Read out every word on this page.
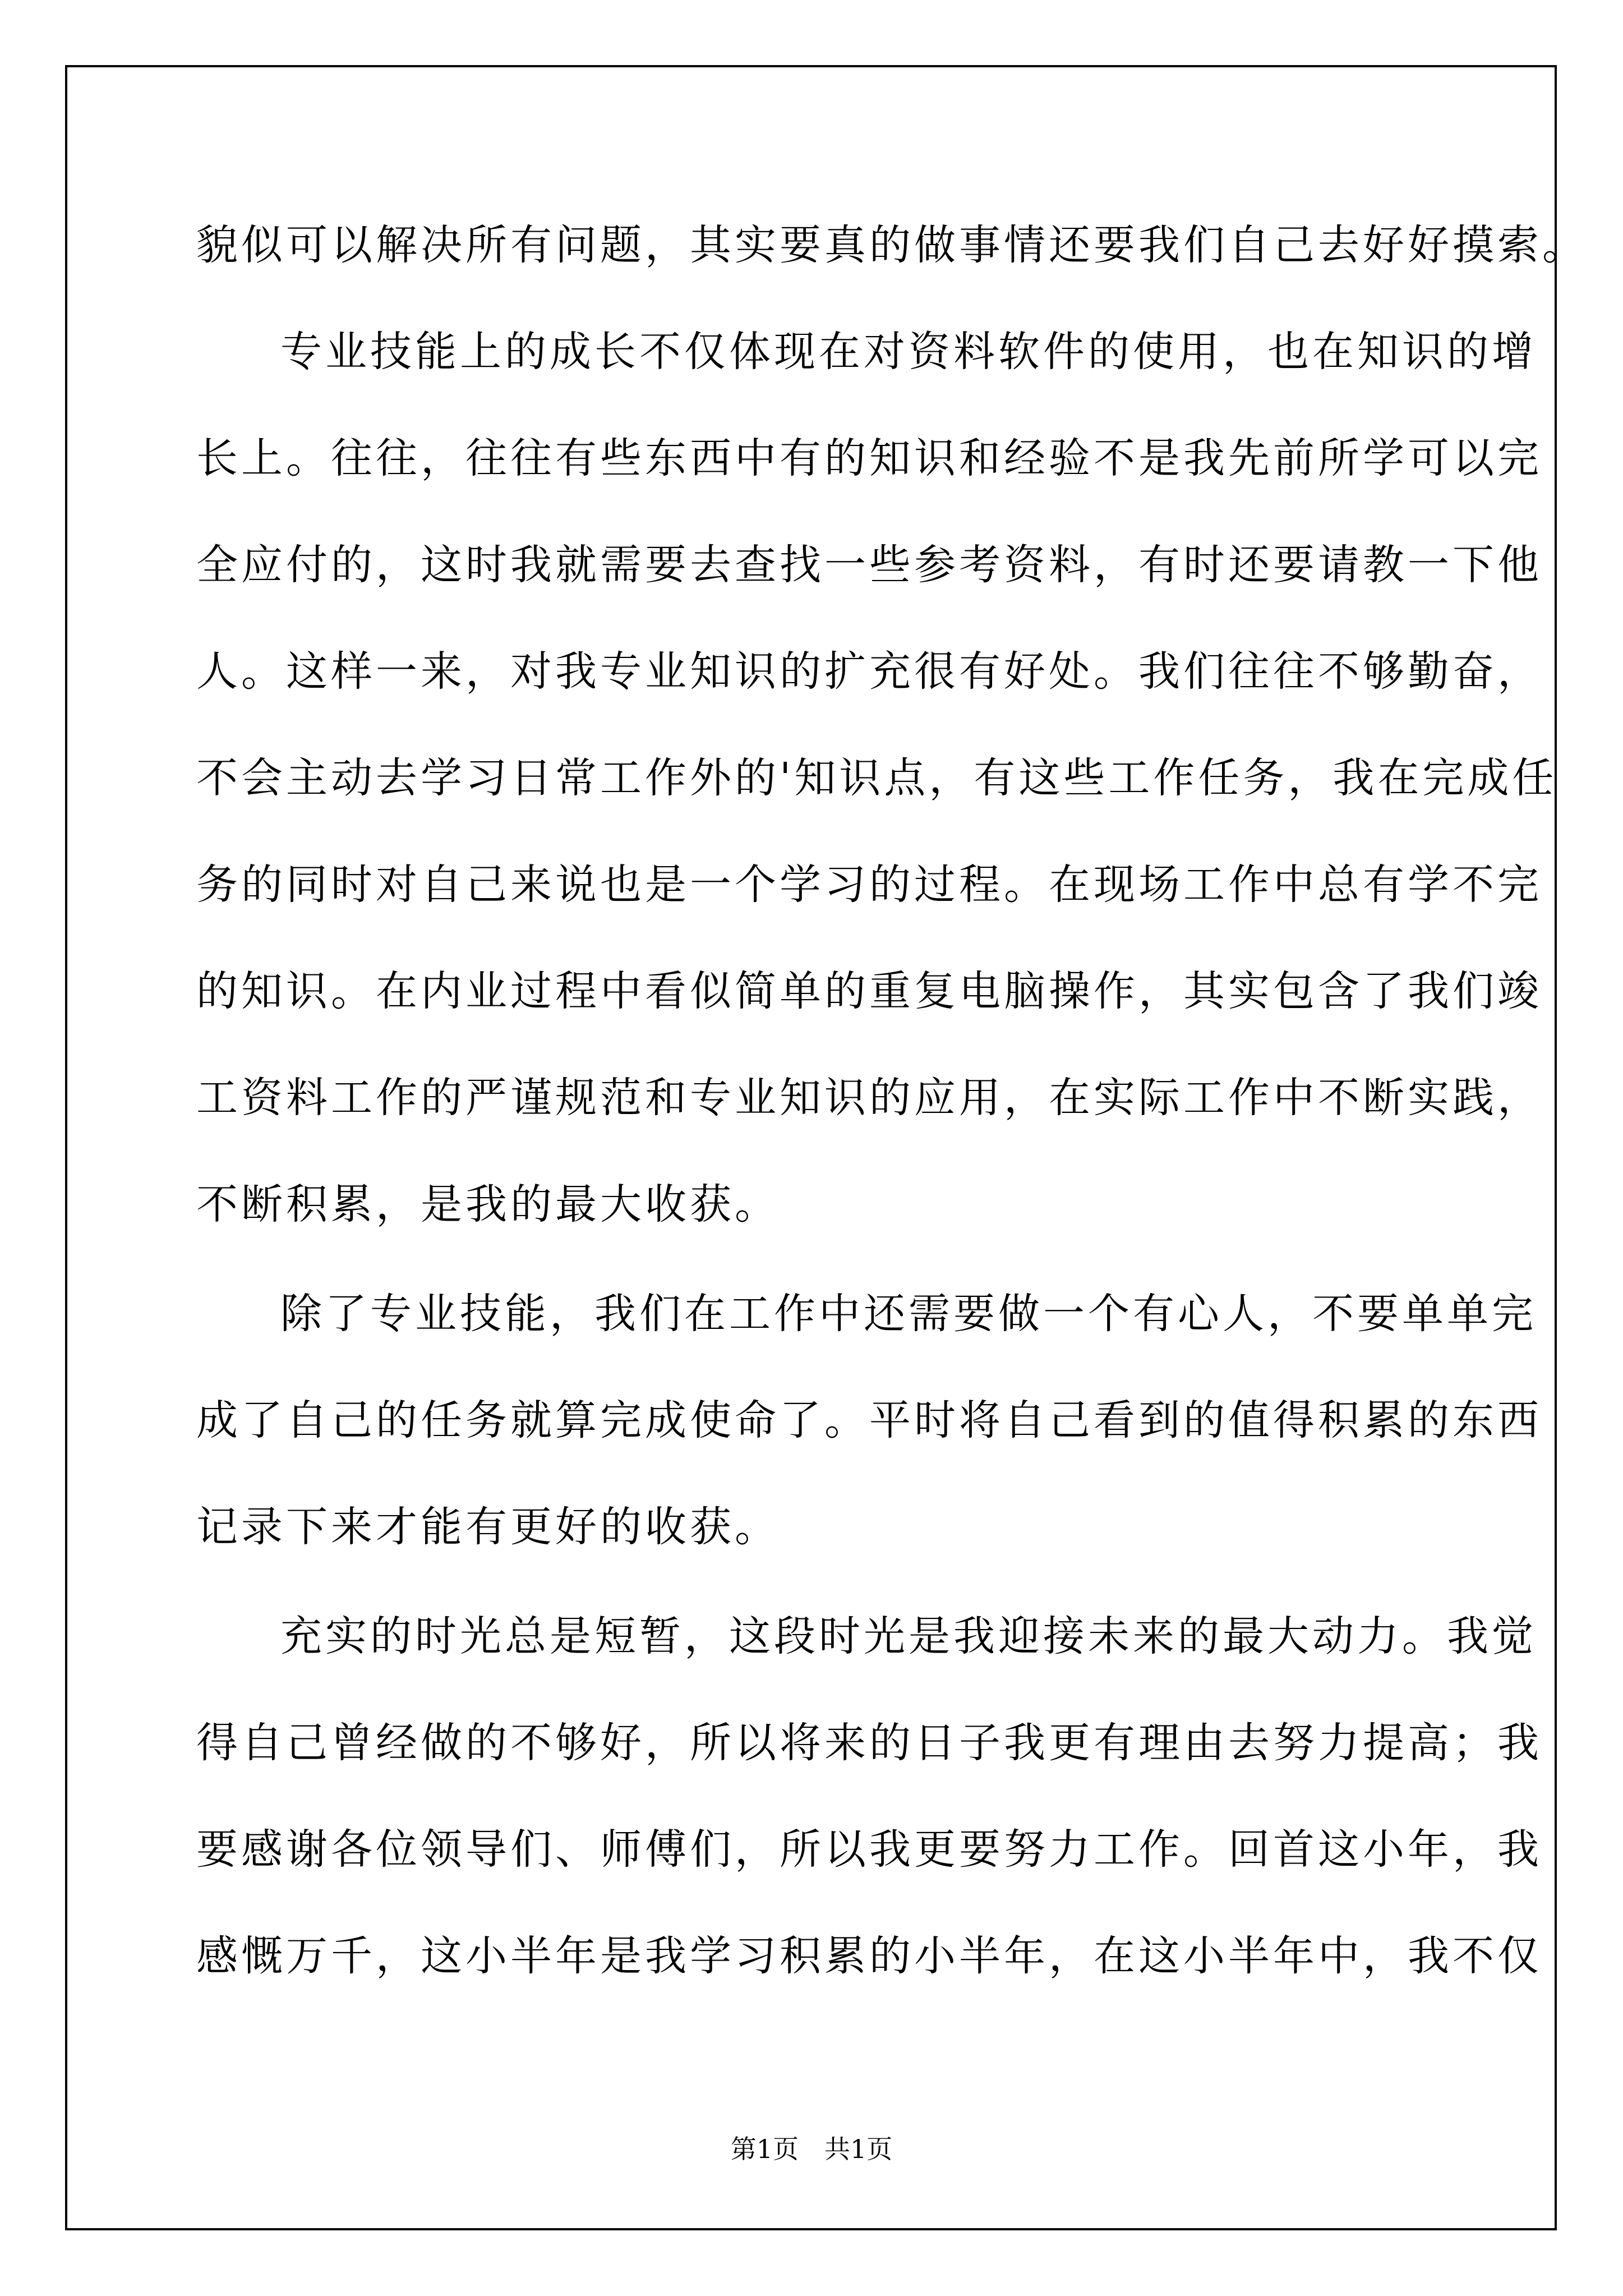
貌似可以解决所有问题，其实要真的做事情还要我们自己去好好摸索。
专业技能上的成长不仅体现在对资料软件的使用，也在知识的增
长上。往往，往往有些东西中有的知识和经验不是我先前所学可以完
全应付的，这时我就需要去查找一些参考资料，有时还要请教一下他
人。这样一来，对我专业知识的扩充很有好处。我们往往不够勤奋，
不会主动去学习日常工作外的'知识点，有这些工作任务，我在完成任
务的同时对自己来说也是一个学习的过程。在现场工作中总有学不完
的知识。在内业过程中看似简单的重复电脑操作，其实包含了我们竣
工资料工作的严谨规范和专业知识的应用，在实际工作中不断实践，
不断积累，是我的最大收获。
除了专业技能，我们在工作中还需要做一个有心人，不要单单完
成了自己的任务就算完成使命了。平时将自己看到的值得积累的东西
记录下来才能有更好的收获。
充实的时光总是短暂，这段时光是我迎接未来的最大动力。我觉
得自己曾经做的不够好，所以将来的日子我更有理由去努力提高；我
要感谢各位领导们、师傅们，所以我更要努力工作。回首这小年，我
感慨万千，这小半年是我学习积累的小半年，在这小半年中，我不仅
第1页　共1页
